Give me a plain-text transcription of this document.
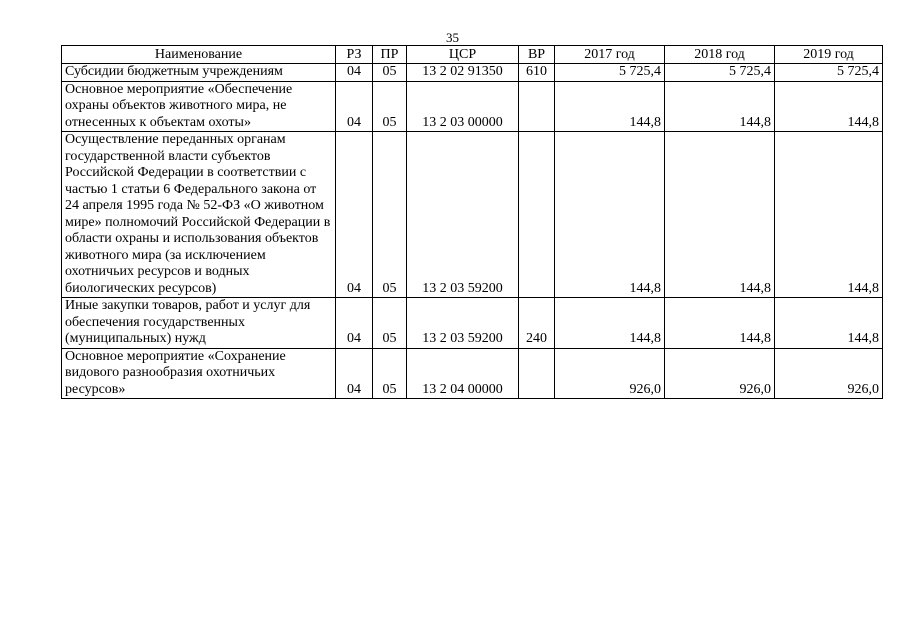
35
Наименование	РЗ	ПР	ЦСР	ВР	2017 год	2018 год	2019 год
Субсидии бюджетным учреждениям	04	05	13 2 02 91350	610	5 725,4	5 725,4	5 725,4
Основное мероприятие «Обеспечение охраны объектов животного мира, не отнесенных к объектам охоты»	04	05	13 2 03 00000		144,8	144,8	144,8
Осуществление переданных органам государственной власти субъектов Российской Федерации в соответствии с частью 1 статьи 6 Федерального закона от 24 апреля 1995 года № 52-ФЗ «О животном мире» полномочий Российской Федерации в области охраны и использования объектов животного мира (за исключением охотничьих ресурсов и водных биологических ресурсов)	04	05	13 2 03 59200		144,8	144,8	144,8
Иные закупки товаров, работ и услуг для обеспечения государственных (муниципальных) нужд	04	05	13 2 03 59200	240	144,8	144,8	144,8
Основное мероприятие «Сохранение видового разнообразия охотничьих ресурсов»	04	05	13 2 04 00000		926,0	926,0	926,0
